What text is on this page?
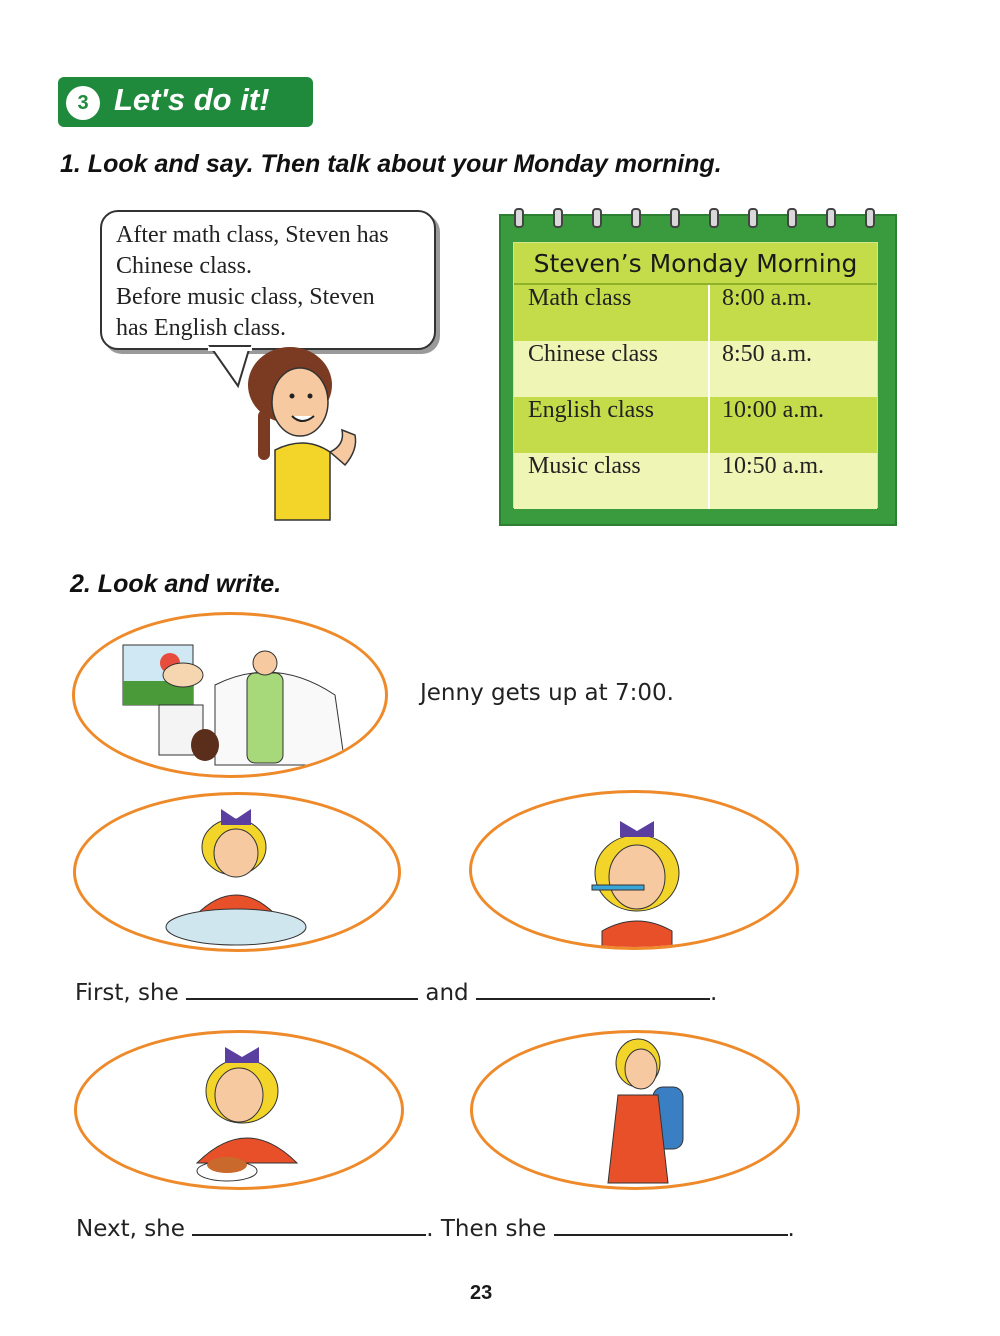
3 Let's do it!
1. Look and say. Then talk about your Monday morning.
After math class, Steven has
Chinese class.
Before music class, Steven
has English class.
Steven’s Monday Morning
Math class	8:00 a.m.
Chinese class	8:50 a.m.
English class	10:00 a.m.
Music class	10:50 a.m.
2. Look and write.
Jenny gets up at 7:00.
First, she	and	.
Next, she	. Then she	.
23
